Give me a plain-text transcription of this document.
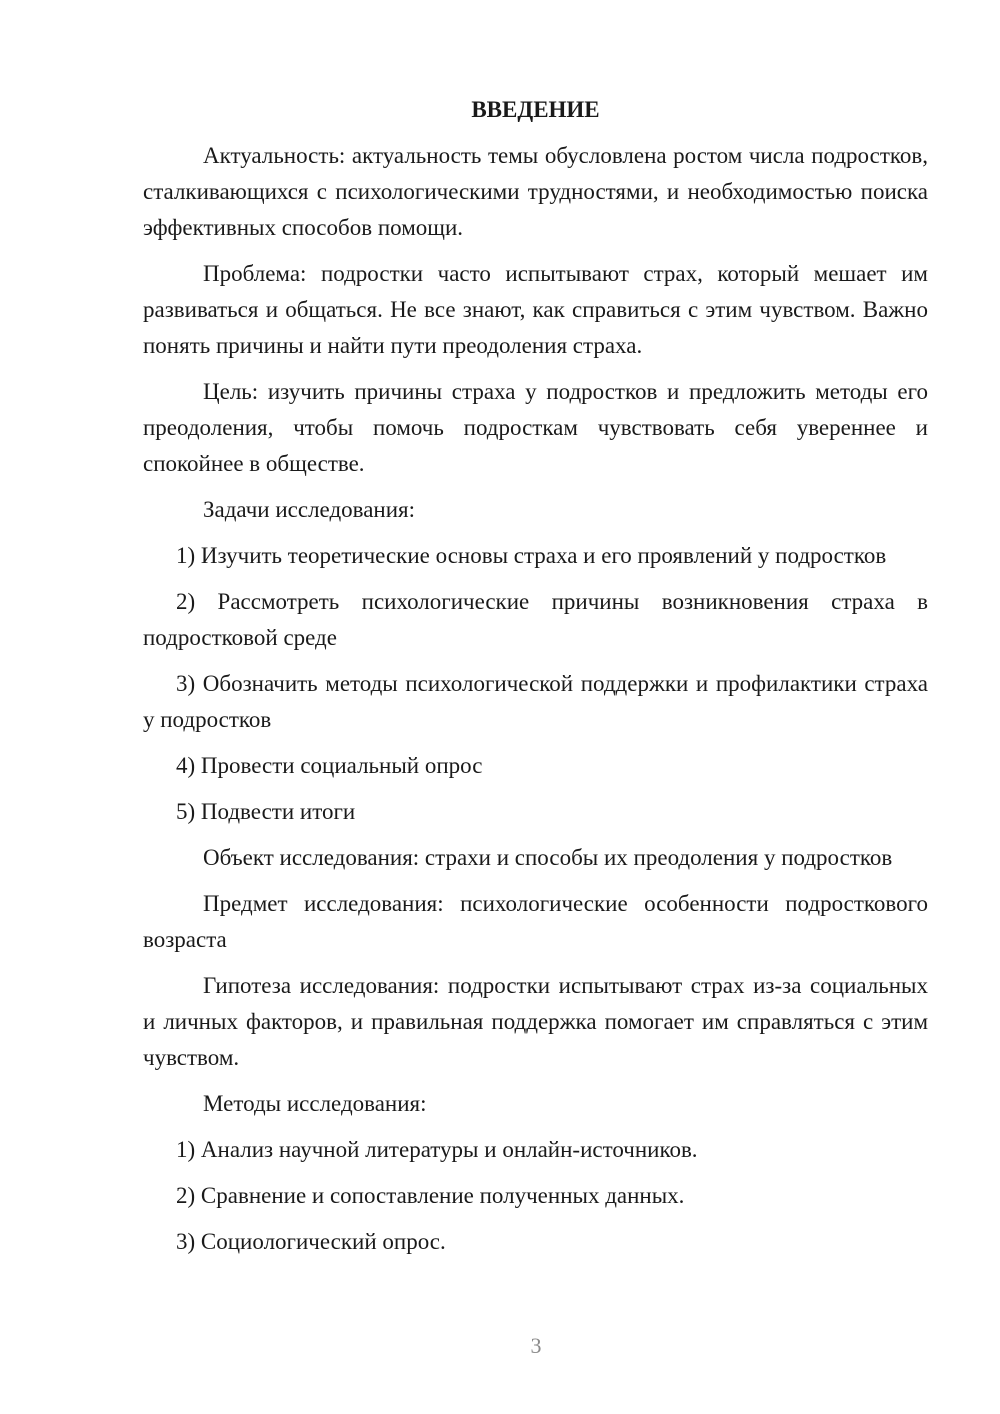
ВВЕДЕНИЕ
Актуальность: актуальность темы обусловлена ростом числа подростков, сталкивающихся с психологическими трудностями, и необходимостью поиска эффективных способов помощи.
Проблема: подростки часто испытывают страх, который мешает им развиваться и общаться. Не все знают, как справиться с этим чувством. Важно понять причины и найти пути преодоления страха.
Цель: изучить причины страха у подростков и предложить методы его преодоления, чтобы помочь подросткам чувствовать себя увереннее и спокойнее в обществе.
Задачи исследования:
1) Изучить теоретические основы страха и его проявлений у подростков
2) Рассмотреть психологические причины возникновения страха в подростковой среде
3) Обозначить методы психологической поддержки и профилактики страха у подростков
4) Провести социальный опрос
5) Подвести итоги
Объект исследования: страхи и способы их преодоления у подростков
Предмет исследования: психологические особенности подросткового возраста
Гипотеза исследования: подростки испытывают страх из-за социальных и личных факторов, и правильная поддержка помогает им справляться с этим чувством.
Методы исследования:
1) Анализ научной литературы и онлайн-источников.
2) Сравнение и сопоставление полученных данных.
3) Социологический опрос.
3
